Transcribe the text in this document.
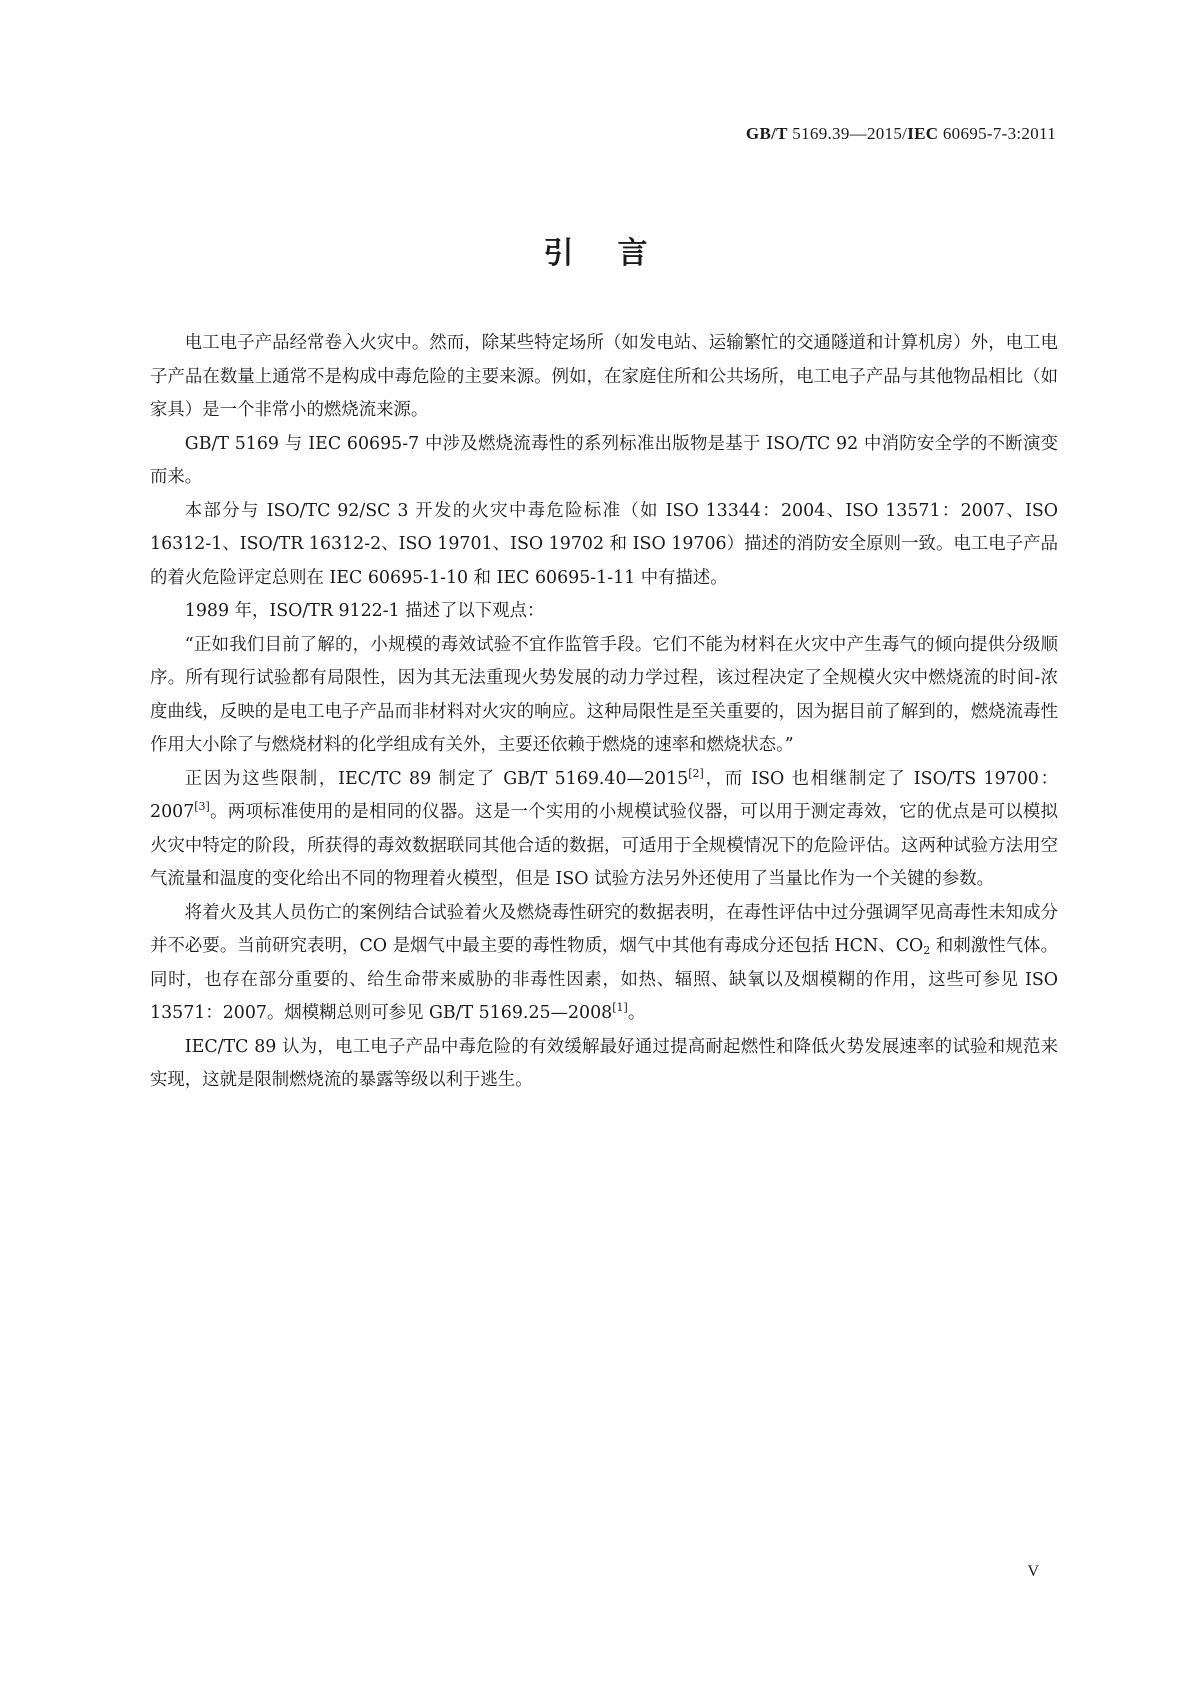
GB/T 5169.39—2015/IEC 60695-7-3:2011
引言

电工电子产品经常卷入火灾中。然而，除某些特定场所（如发电站、运输繁忙的交通隧道和计算机房）外，电工电子产品在数量上通常不是构成中毒危险的主要来源。例如，在家庭住所和公共场所，电工电子产品与其他物品相比（如家具）是一个非常小的燃烧流来源。

GB/T 5169 与 IEC 60695-7 中涉及燃烧流毒性的系列标准出版物是基于 ISO/TC 92 中消防安全学的不断演变而来。

本部分与 ISO/TC 92/SC 3 开发的火灾中毒危险标准（如 ISO 13344：2004、ISO 13571：2007、ISO 16312-1、ISO/TR 16312-2、ISO 19701、ISO 19702 和 ISO 19706）描述的消防安全原则一致。电工电子产品的着火危险评定总则在 IEC 60695-1-10 和 IEC 60695-1-11 中有描述。

1989 年，ISO/TR 9122-1 描述了以下观点：

“正如我们目前了解的，小规模的毒效试验不宜作监管手段。它们不能为材料在火灾中产生毒气的倾向提供分级顺序。所有现行试验都有局限性，因为其无法重现火势发展的动力学过程，该过程决定了全规模火灾中燃烧流的时间-浓度曲线，反映的是电工电子产品而非材料对火灾的响应。这种局限性是至关重要的，因为据目前了解到的，燃烧流毒性作用大小除了与燃烧材料的化学组成有关外，主要还依赖于燃烧的速率和燃烧状态。”

正因为这些限制，IEC/TC 89 制定了 GB/T 5169.40—2015[2]，而 ISO 也相继制定了 ISO/TS 19700：2007[3]。两项标准使用的是相同的仪器。这是一个实用的小规模试验仪器，可以用于测定毒效，它的优点是可以模拟火灾中特定的阶段，所获得的毒效数据联同其他合适的数据，可适用于全规模情况下的危险评估。这两种试验方法用空气流量和温度的变化给出不同的物理着火模型，但是 ISO 试验方法另外还使用了当量比作为一个关键的参数。

将着火及其人员伤亡的案例结合试验着火及燃烧毒性研究的数据表明，在毒性评估中过分强调罕见高毒性未知成分并不必要。当前研究表明，CO 是烟气中最主要的毒性物质，烟气中其他有毒成分还包括 HCN、$CO_2$ 和刺激性气体。同时，也存在部分重要的、给生命带来威胁的非毒性因素，如热、辐照、缺氧以及烟模糊的作用，这些可参见 ISO 13571：2007。烟模糊总则可参见 GB/T 5169.25—2008[1]。

IEC/TC 89 认为，电工电子产品中毒危险的有效缓解最好通过提高耐起燃性和降低火势发展速率的试验和规范来实现，这就是限制燃烧流的暴露等级以利于逃生。

V
